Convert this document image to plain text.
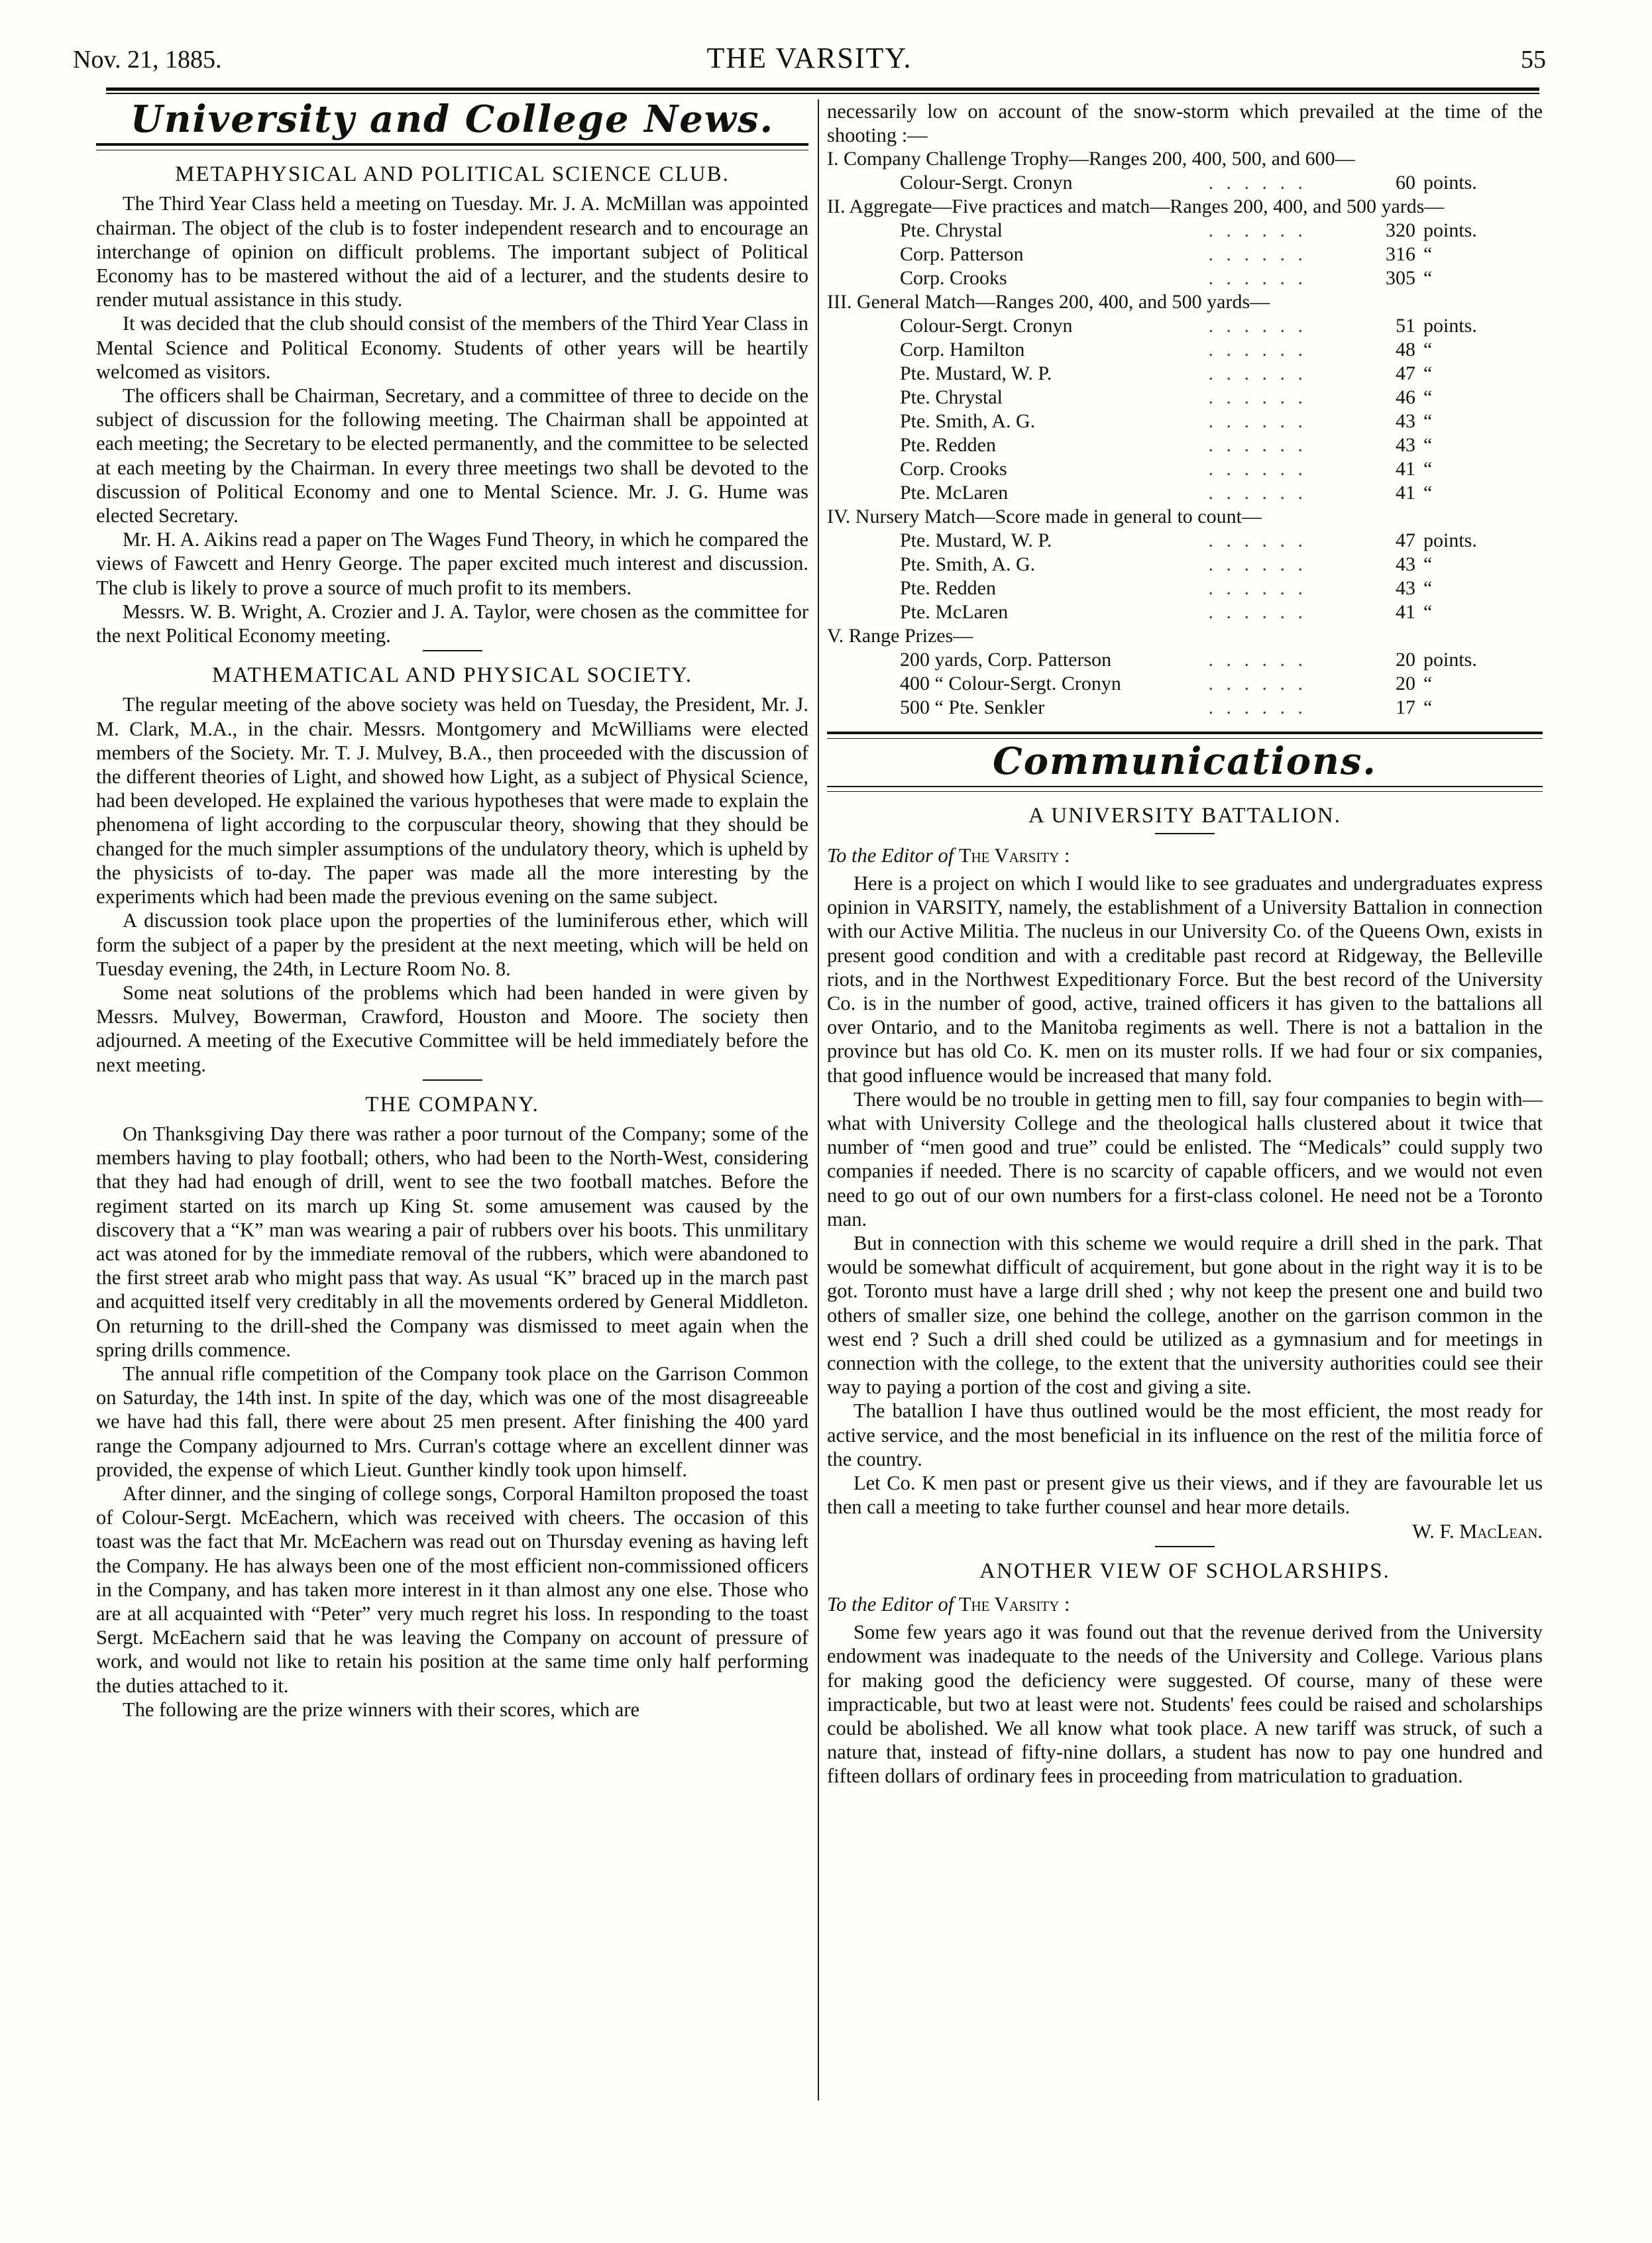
Nov. 21, 1885.	THE VARSITY.	55
University and College News.
METAPHYSICAL AND POLITICAL SCIENCE CLUB.

The Third Year Class held a meeting on Tuesday. Mr. J. A. McMillan was appointed chairman. The object of the club is to foster independent research and to encourage an interchange of opinion on difficult problems. The important subject of Political Economy has to be mastered without the aid of a lecturer, and the students desire to render mutual assistance in this study.

It was decided that the club should consist of the members of the Third Year Class in Mental Science and Political Economy. Students of other years will be heartily welcomed as visitors.

The officers shall be Chairman, Secretary, and a committee of three to decide on the subject of discussion for the following meeting. The Chairman shall be appointed at each meeting; the Secretary to be elected permanently, and the committee to be selected at each meeting by the Chairman. In every three meetings two shall be devoted to the discussion of Political Economy and one to Mental Science. Mr. J. G. Hume was elected Secretary.

Mr. H. A. Aikins read a paper on The Wages Fund Theory, in which he compared the views of Fawcett and Henry George. The paper excited much interest and discussion. The club is likely to prove a source of much profit to its members.

Messrs. W. B. Wright, A. Crozier and J. A. Taylor, were chosen as the committee for the next Political Economy meeting.

MATHEMATICAL AND PHYSICAL SOCIETY.

The regular meeting of the above society was held on Tuesday, the President, Mr. J. M. Clark, M.A., in the chair. Messrs. Montgomery and McWilliams were elected members of the Society. Mr. T. J. Mulvey, B.A., then proceeded with the discussion of the different theories of Light, and showed how Light, as a subject of Physical Science, had been developed. He explained the various hypotheses that were made to explain the phenomena of light according to the corpuscular theory, showing that they should be changed for the much simpler assumptions of the undulatory theory, which is upheld by the physicists of to-day. The paper was made all the more interesting by the experiments which had been made the previous evening on the same subject.

A discussion took place upon the properties of the luminiferous ether, which will form the subject of a paper by the president at the next meeting, which will be held on Tuesday evening, the 24th, in Lecture Room No. 8.

Some neat solutions of the problems which had been handed in were given by Messrs. Mulvey, Bowerman, Crawford, Houston and Moore. The society then adjourned. A meeting of the Executive Committee will be held immediately before the next meeting.

THE COMPANY.

On Thanksgiving Day there was rather a poor turnout of the Company; some of the members having to play football; others, who had been to the North-West, considering that they had had enough of drill, went to see the two football matches. Before the regiment started on its march up King St. some amusement was caused by the discovery that a “K” man was wearing a pair of rubbers over his boots. This unmilitary act was atoned for by the immediate removal of the rubbers, which were abandoned to the first street arab who might pass that way. As usual “K” braced up in the march past and acquitted itself very creditably in all the movements ordered by General Middleton. On returning to the drill-shed the Company was dismissed to meet again when the spring drills commence.

The annual rifle competition of the Company took place on the Garrison Common on Saturday, the 14th inst. In spite of the day, which was one of the most disagreeable we have had this fall, there were about 25 men present. After finishing the 400 yard range the Company adjourned to Mrs. Curran's cottage where an excellent dinner was provided, the expense of which Lieut. Gunther kindly took upon himself.

After dinner, and the singing of college songs, Corporal Hamilton proposed the toast of Colour-Sergt. McEachern, which was received with cheers. The occasion of this toast was the fact that Mr. McEachern was read out on Thursday evening as having left the Company. He has always been one of the most efficient non-commissioned officers in the Company, and has taken more interest in it than almost any one else. Those who are at all acquainted with “Peter” very much regret his loss. In responding to the toast Sergt. McEachern said that he was leaving the Company on account of pressure of work, and would not like to retain his position at the same time only half performing the duties attached to it.

The following are the prize winners with their scores, which are

necessarily low on account of the snow-storm which prevailed at the time of the shooting :—

I. Company Challenge Trophy—Ranges 200, 400, 500, and 600—			
Colour-Sergt. Cronyn	. . . . . .	60	points.
II. Aggregate—Five practices and match—Ranges 200, 400, and 500 yards—			
Pte. Chrystal	. . . . . .	320	points.
Corp. Patterson	. . . . . .	316	“
Corp. Crooks	. . . . . .	305	“
III. General Match—Ranges 200, 400, and 500 yards—			
Colour-Sergt. Cronyn	. . . . . .	51	points.
Corp. Hamilton	. . . . . .	48	“
Pte. Mustard, W. P.	. . . . . .	47	“
Pte. Chrystal	. . . . . .	46	“
Pte. Smith, A. G.	. . . . . .	43	“
Pte. Redden	. . . . . .	43	“
Corp. Crooks	. . . . . .	41	“
Pte. McLaren	. . . . . .	41	“
IV. Nursery Match—Score made in general to count—			
Pte. Mustard, W. P.	. . . . . .	47	points.
Pte. Smith, A. G.	. . . . . .	43	“
Pte. Redden	. . . . . .	43	“
Pte. McLaren	. . . . . .	41	“
V. Range Prizes—			
200 yards, Corp. Patterson	. . . . . .	20	points.
400 “ Colour-Sergt. Cronyn	. . . . . .	20	“
500 “ Pte. Senkler	. . . . . .	17	“
Communications.
A UNIVERSITY BATTALION.
To the Editor of The Varsity :

Here is a project on which I would like to see graduates and undergraduates express opinion in VARSITY, namely, the establishment of a University Battalion in connection with our Active Militia. The nucleus in our University Co. of the Queens Own, exists in present good condition and with a creditable past record at Ridgeway, the Belleville riots, and in the Northwest Expeditionary Force. But the best record of the University Co. is in the number of good, active, trained officers it has given to the battalions all over Ontario, and to the Manitoba regiments as well. There is not a battalion in the province but has old Co. K. men on its muster rolls. If we had four or six companies, that good influence would be increased that many fold.

There would be no trouble in getting men to fill, say four companies to begin with—what with University College and the theological halls clustered about it twice that number of “men good and true” could be enlisted. The “Medicals” could supply two companies if needed. There is no scarcity of capable officers, and we would not even need to go out of our own numbers for a first-class colonel. He need not be a Toronto man.

But in connection with this scheme we would require a drill shed in the park. That would be somewhat difficult of acquirement, but gone about in the right way it is to be got. Toronto must have a large drill shed ; why not keep the present one and build two others of smaller size, one behind the college, another on the garrison common in the west end ? Such a drill shed could be utilized as a gymnasium and for meetings in connection with the college, to the extent that the university authorities could see their way to paying a portion of the cost and giving a site.

The batallion I have thus outlined would be the most efficient, the most ready for active service, and the most beneficial in its influence on the rest of the militia force of the country.

Let Co. K men past or present give us their views, and if they are favourable let us then call a meeting to take further counsel and hear more details.

W. F. MacLean.
ANOTHER VIEW OF SCHOLARSHIPS.
To the Editor of The Varsity :

Some few years ago it was found out that the revenue derived from the University endowment was inadequate to the needs of the University and College. Various plans for making good the deficiency were suggested. Of course, many of these were impracticable, but two at least were not. Students' fees could be raised and scholarships could be abolished. We all know what took place. A new tariff was struck, of such a nature that, instead of fifty-nine dollars, a student has now to pay one hundred and fifteen dollars of ordinary fees in proceeding from matriculation to graduation.
